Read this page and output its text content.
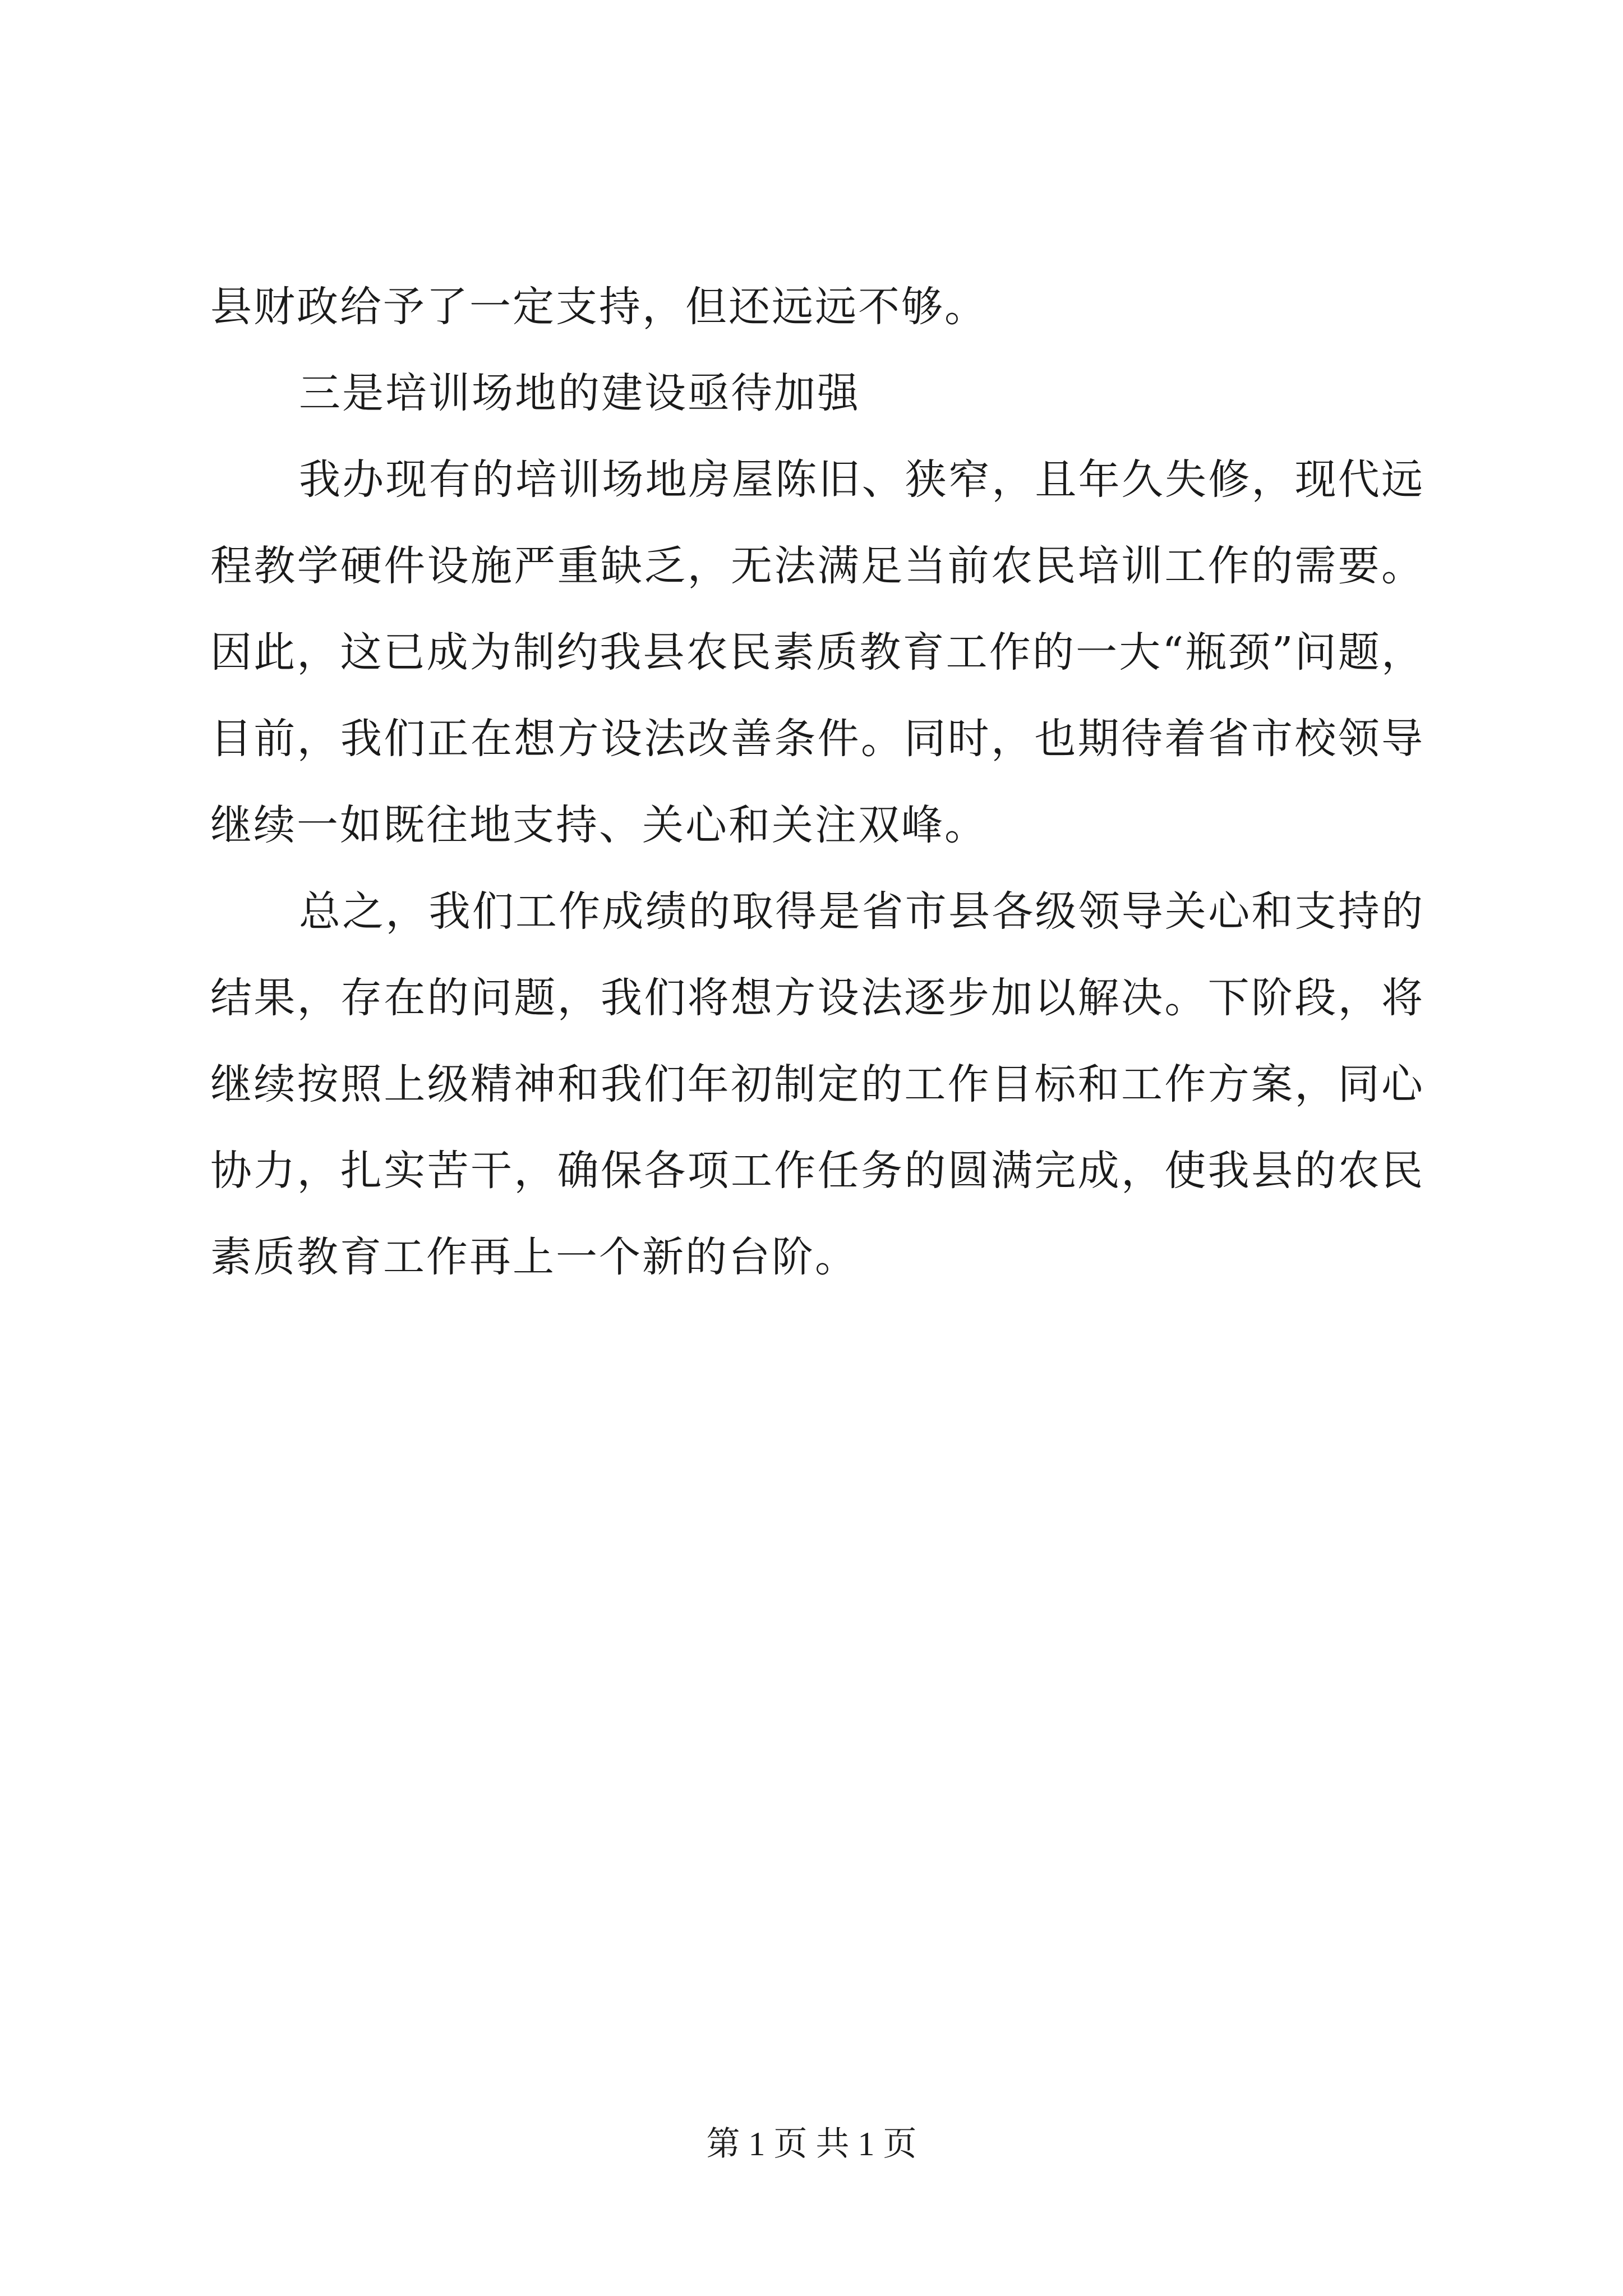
县财政给予了一定支持，但还远远不够。

三是培训场地的建设亟待加强

我办现有的培训场地房屋陈旧、狭窄，且年久失修，现代远程教学硬件设施严重缺乏，无法满足当前农民培训工作的需要。因此，这已成为制约我县农民素质教育工作的一大“瓶颈”问题，目前，我们正在想方设法改善条件。同时，也期待着省市校领导继续一如既往地支持、关心和关注双峰。

总之，我们工作成绩的取得是省市县各级领导关心和支持的结果，存在的问题，我们将想方设法逐步加以解决。下阶段，将继续按照上级精神和我们年初制定的工作目标和工作方案，同心协力，扎实苦干，确保各项工作任务的圆满完成，使我县的农民素质教育工作再上一个新的台阶。

第 1 页 共 1 页
